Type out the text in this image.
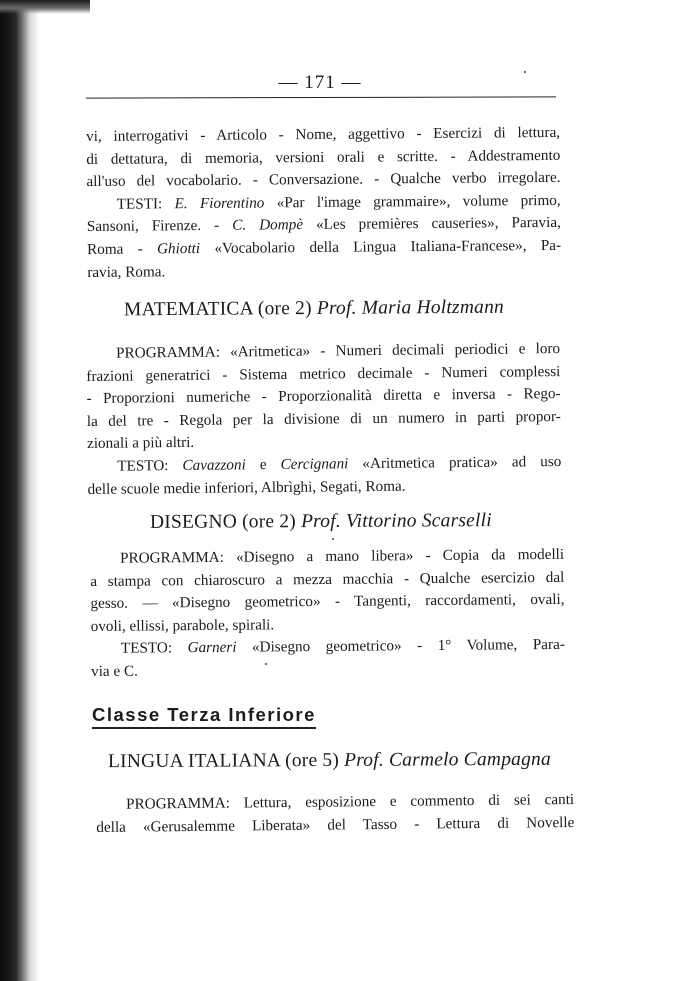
— 171 —

vi, interrogativi - Articolo - Nome, aggettivo - Esercizi di lettura,

di dettatura, di memoria, versioni orali e scritte. - Addestramento

all'uso del vocabolario. - Conversazione. - Qualche verbo irregolare.

TESTI: E. Fiorentino «Par l'image grammaire», volume primo,

Sansoni, Firenze. - C. Dompè «Les premières causeries», Paravia,

Roma - Ghiotti «Vocabolario della Lingua Italiana-Francese», Pa-

ravia, Roma.

MATEMATICA (ore 2) Prof. Maria Holtzmann

PROGRAMMA: «Aritmetica» - Numeri decimali periodici e loro

frazioni generatrici - Sistema metrico decimale - Numeri complessi

- Proporzioni numeriche - Proporzionalità diretta e inversa - Rego-

la del tre - Regola per la divisione di un numero in parti propor-

zionali a più altri.

TESTO: Cavazzoni e Cercignani «Aritmetica pratica» ad uso

delle scuole medie inferiori, Albrìghi, Segati, Roma.

DISEGNO (ore 2) Prof. Vittorino Scarselli

PROGRAMMA: «Disegno a mano libera» - Copia da modelli

a stampa con chiaroscuro a mezza macchia - Qualche esercizio dal

gesso. — «Disegno geometrico» - Tangenti, raccordamenti, ovali,

ovoli, ellissi, parabole, spirali.

TESTO: Garneri «Disegno geometrico» - 1° Volume, Para-

via e C.

Classe Terza Inferiore
LINGUA ITALIANA (ore 5) Prof. Carmelo Campagna

PROGRAMMA: Lettura, esposizione e commento di sei canti

della «Gerusalemme Liberata» del Tasso - Lettura di Novelle
